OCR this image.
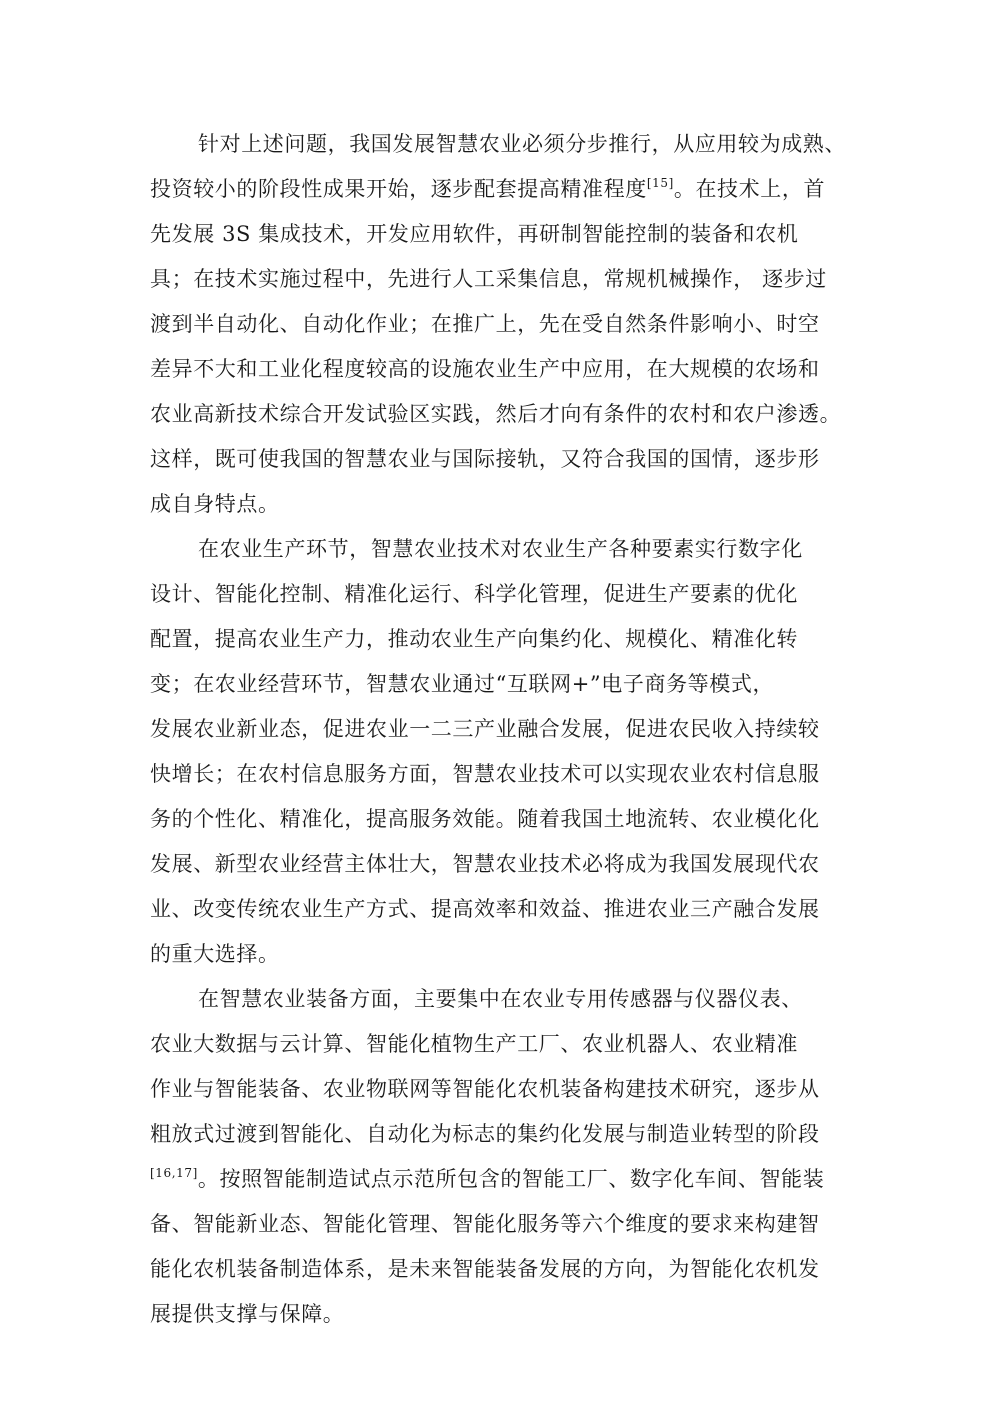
针对上述问题，我国发展智慧农业必须分步推行，从应用较为成熟、
投资较小的阶段性成果开始，逐步配套提高精准程度[15]。在技术上，首
先发展 3S 集成技术，开发应用软件，再研制智能控制的装备和农机
具；在技术实施过程中，先进行人工采集信息，常规机械操作， 逐步过
渡到半自动化、自动化作业；在推广上，先在受自然条件影响小、时空
差异不大和工业化程度较高的设施农业生产中应用，在大规模的农场和
农业高新技术综合开发试验区实践，然后才向有条件的农村和农户渗透。
这样，既可使我国的智慧农业与国际接轨，又符合我国的国情，逐步形
成自身特点。
在农业生产环节，智慧农业技术对农业生产各种要素实行数字化
设计、智能化控制、精准化运行、科学化管理，促进生产要素的优化
配置，提高农业生产力，推动农业生产向集约化、规模化、精准化转
变；在农业经营环节，智慧农业通过“互联网+”电子商务等模式，
发展农业新业态，促进农业一二三产业融合发展，促进农民收入持续较
快增长；在农村信息服务方面，智慧农业技术可以实现农业农村信息服
务的个性化、精准化，提高服务效能。随着我国土地流转、农业模化化
发展、新型农业经营主体壮大，智慧农业技术必将成为我国发展现代农
业、改变传统农业生产方式、提高效率和效益、推进农业三产融合发展
的重大选择。
在智慧农业装备方面，主要集中在农业专用传感器与仪器仪表、
农业大数据与云计算、智能化植物生产工厂、农业机器人、农业精准
作业与智能装备、农业物联网等智能化农机装备构建技术研究，逐步从
粗放式过渡到智能化、自动化为标志的集约化发展与制造业转型的阶段
[16,17]。按照智能制造试点示范所包含的智能工厂、数字化车间、智能装
备、智能新业态、智能化管理、智能化服务等六个维度的要求来构建智
能化农机装备制造体系，是未来智能装备发展的方向，为智能化农机发
展提供支撑与保障。
